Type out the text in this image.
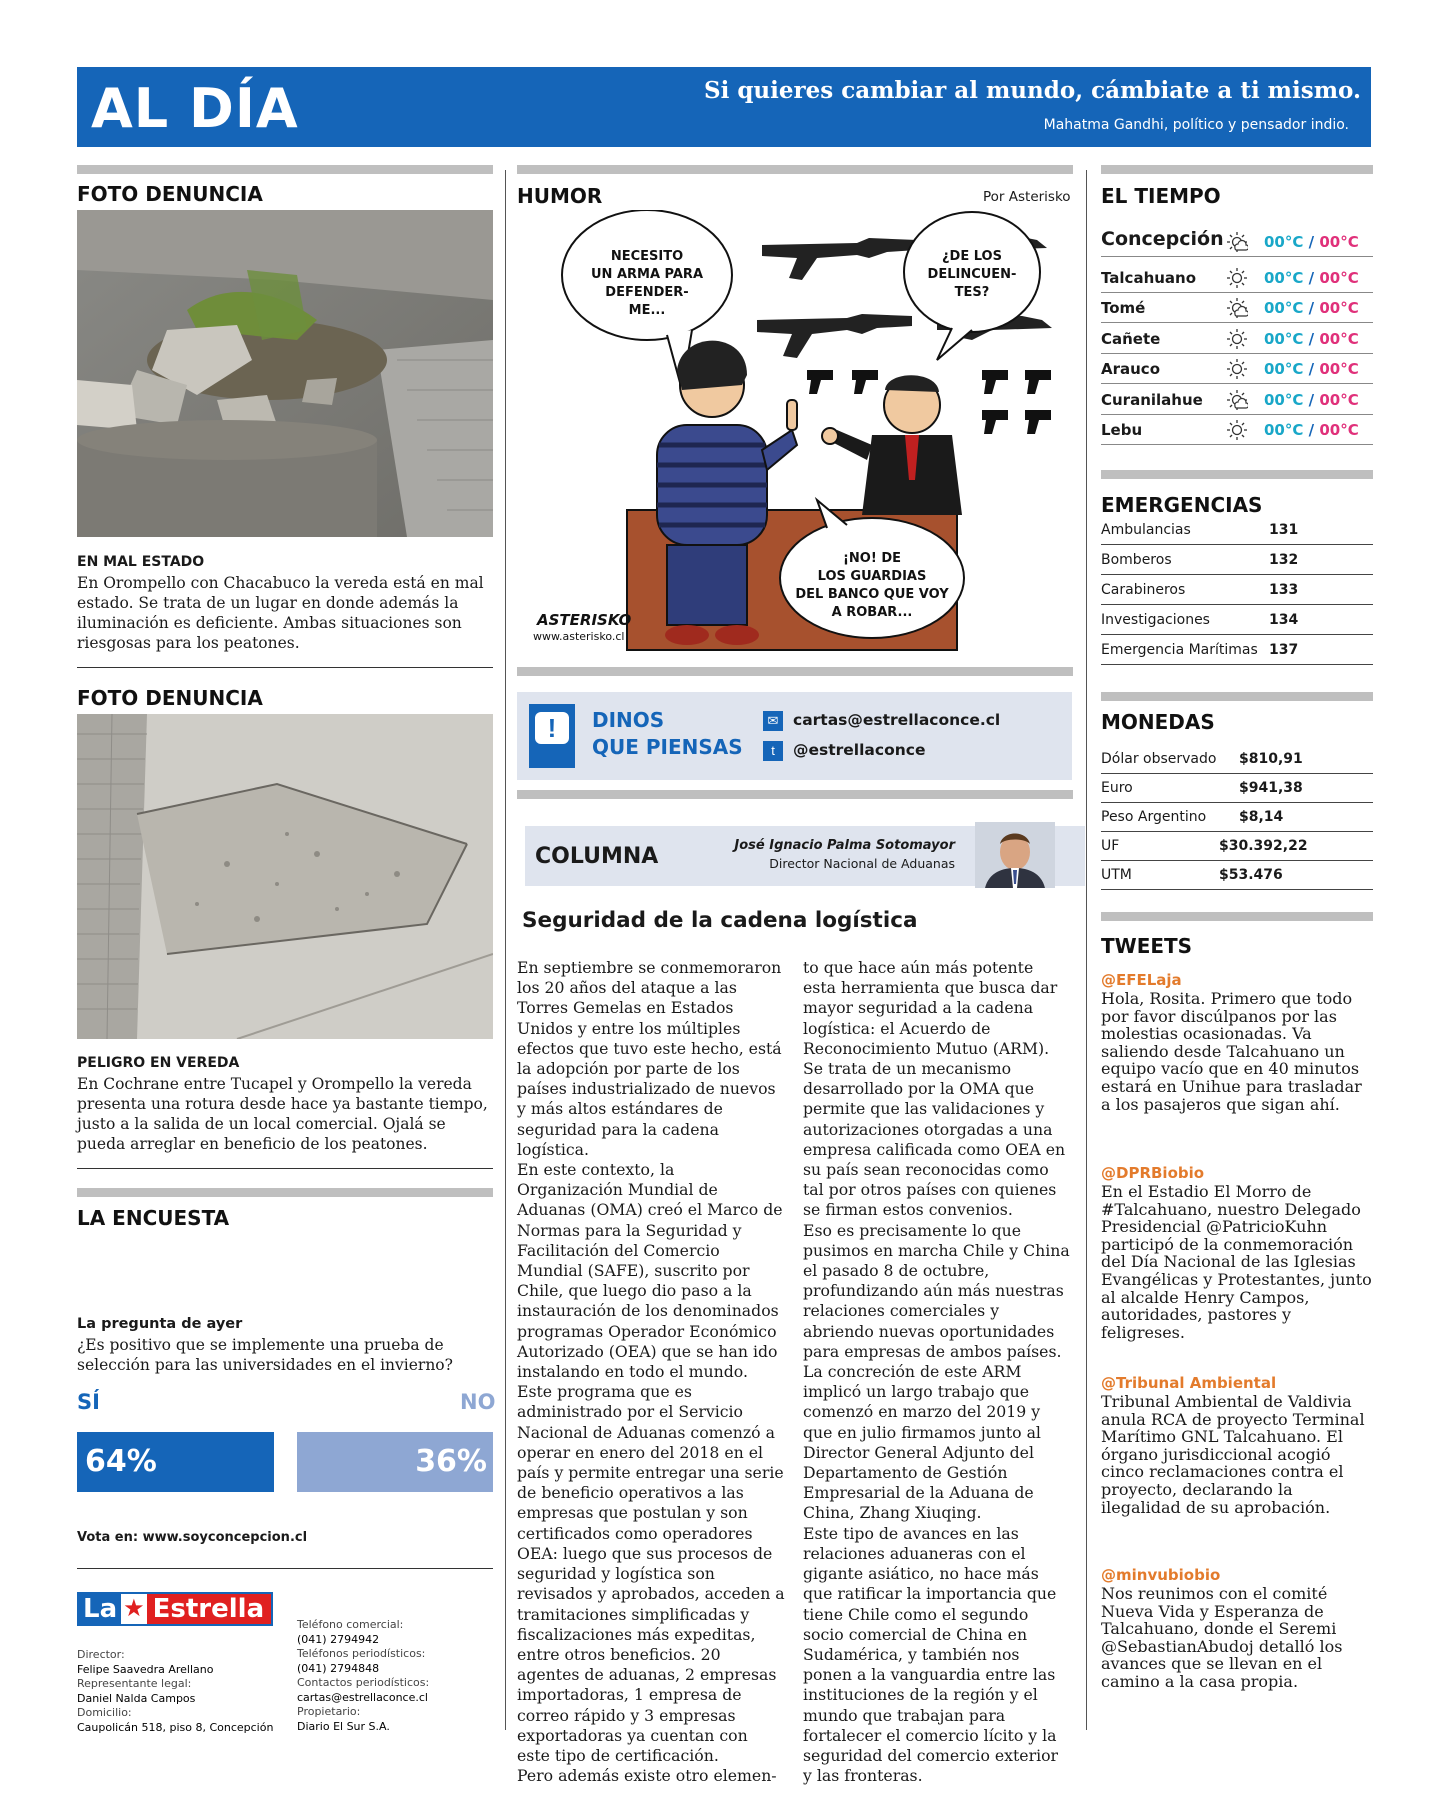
AL DÍA	Si quieres cambiar al mundo, cámbiate a ti mismo.
Mahatma Gandhi, político y pensador indio.
FOTO DENUNCIA
EN MAL ESTADO
En Orompello con Chacabuco la vereda está en mal estado. Se trata de un lugar en donde además la iluminación es deficiente. Ambas situaciones son riesgosas para los peatones.
FOTO DENUNCIA
PELIGRO EN VEREDA
En Cochrane entre Tucapel y Orompello la vereda presenta una rotura desde hace ya bastante tiempo, justo a la salida de un local comercial. Ojalá se pueda arreglar en beneficio de los peatones.
LA ENCUESTA
La pregunta de ayer
¿Es positivo que se implemente una prueba de selección para las universidades en el invierno?
SÍ	NO
64%	36%
Vota en: www.soyconcepcion.cl
La ★ Estrella
Director:
Felipe Saavedra Arellano
Representante legal:
Daniel Nalda Campos
Domicilio:
Caupolicán 518, piso 8, Concepción
Teléfono comercial:
(041) 2794942
Teléfonos periodísticos:
(041) 2794848
Contactos periodísticos:
cartas@estrellaconce.cl
Propietario:
Diario El Sur S.A.
HUMOR	Por Asterisko
NECESITO UN ARMA PARA DEFENDER-ME...
¿DE LOS DELINCUEN-TES?
¡NO! DE LOS GUARDIAS DEL BANCO QUE VOY A ROBAR...
ASTERISKO
www.asterisko.cl
!	DINOS
QUE PIENSAS
✉ cartas@estrellaconce.cl
t	@estrellaconce
COLUMNA	José Ignacio Palma Sotomayor
Director Nacional de Aduanas
Seguridad de la cadena logística

En septiembre se conmemoraron los 20 años del ataque a las Torres Gemelas en Estados Unidos y entre los múltiples efectos que tuvo este hecho, está la adopción por parte de los países industrializado de nuevos y más altos estándares de seguridad para la cadena logística.

En este contexto, la Organización Mundial de Aduanas (OMA) creó el Marco de Normas para la Seguridad y Facilitación del Comercio Mundial (SAFE), suscrito por Chile, que luego dio paso a la instauración de los denominados programas Operador Económico Autorizado (OEA) que se han ido instalando en todo el mundo.

Este programa que es administrado por el Servicio Nacional de Aduanas comenzó a operar en enero del 2018 en el país y permite entregar una serie de beneficio operativos a las empresas que postulan y son certificados como operadores OEA: luego que sus procesos de seguridad y logística son revisados y aprobados, acceden a tramitaciones simplificadas y fiscalizaciones más expeditas, entre otros beneficios. 20 agentes de aduanas, 2 empresas importadoras, 1 empresa de correo rápido y 3 empresas exportadoras ya cuentan con este tipo de certificación.

Pero además existe otro elemen-

to que hace aún más potente esta herramienta que busca dar mayor seguridad a la cadena logística: el Acuerdo de Reconocimiento Mutuo (ARM). Se trata de un mecanismo desarrollado por la OMA que permite que las validaciones y autorizaciones otorgadas a una empresa calificada como OEA en su país sean reconocidas como tal por otros países con quienes se firman estos convenios.

Eso es precisamente lo que pusimos en marcha Chile y China el pasado 8 de octubre, profundizando aún más nuestras relaciones comerciales y abriendo nuevas oportunidades para empresas de ambos países. La concreción de este ARM implicó un largo trabajo que comenzó en marzo del 2019 y que en julio firmamos junto al Director General Adjunto del Departamento de Gestión Empresarial de la Aduana de China, Zhang Xiuqing.

Este tipo de avances en las relaciones aduaneras con el gigante asiático, no hace más que ratificar la importancia que tiene Chile como el segundo socio comercial de China en Sudamérica, y también nos ponen a la vanguardia entre las instituciones de la región y el mundo que trabajan para fortalecer el comercio lícito y la seguridad del comercio exterior y las fronteras.

EL TIEMPO
Concepción	00°C / 00°C
Talcahuano	00°C / 00°C
Tomé	00°C / 00°C
Cañete	00°C / 00°C
Arauco	00°C / 00°C
Curanilahue	00°C / 00°C
Lebu	00°C / 00°C
EMERGENCIAS
Ambulancias	131
Bomberos	132
Carabineros	133
Investigaciones	134
Emergencia Marítimas 137
MONEDAS
Dólar observado $810,91
Euro	$941,38
Peso Argentino $8,14
UF	$30.392,22
UTM	$53.476
TWEETS
@EFELaja
Hola, Rosita. Primero que todo por favor discúlpanos por las molestias ocasionadas. Va saliendo desde Talcahuano un equipo vacío que en 40 minutos estará en Unihue para trasladar a los pasajeros que sigan ahí.
@DPRBiobio
En el Estadio El Morro de #Talcahuano, nuestro Delegado Presidencial @PatricioKuhn participó de la conmemoración del Día Nacional de las Iglesias Evangélicas y Protestantes, junto al alcalde Henry Campos, autoridades, pastores y feligreses.
@Tribunal Ambiental
Tribunal Ambiental de Valdivia anula RCA de proyecto Terminal Marítimo GNL Talcahuano. El órgano jurisdiccional acogió cinco reclamaciones contra el proyecto, declarando la ilegalidad de su aprobación.
@minvubiobio
Nos reunimos con el comité Nueva Vida y Esperanza de Talcahuano, donde el Seremi @SebastianAbudoj detalló los avances que se llevan en el camino a la casa propia.
